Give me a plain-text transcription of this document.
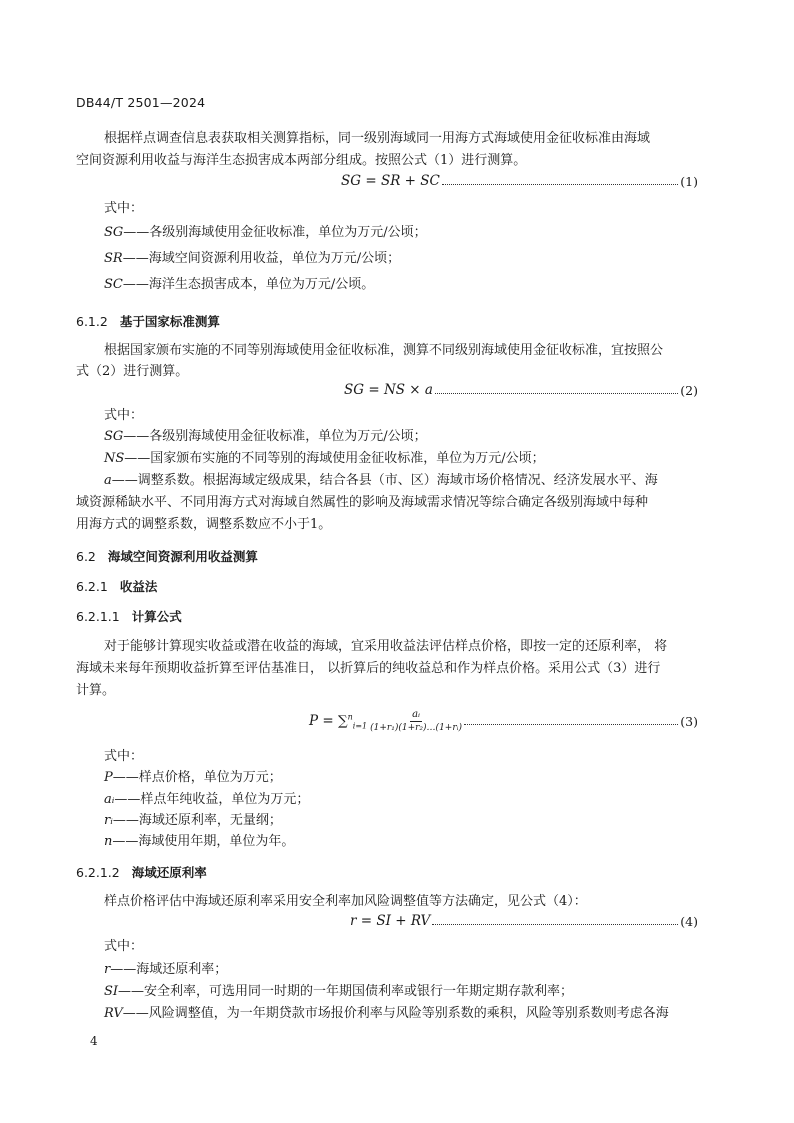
DB44/T 2501—2024
根据样点调查信息表获取相关测算指标，同一级别海域同一用海方式海域使用金征收标准由海域
空间资源利用收益与海洋生态损害成本两部分组成。按照公式（1）进行测算。
SG = SR + SC	(1)
式中：
SG——各级别海域使用金征收标准，单位为万元/公顷；
SR——海域空间资源利用收益，单位为万元/公顷；
SC——海洋生态损害成本，单位为万元/公顷。
6.1.2 基于国家标准测算
根据国家颁布实施的不同等别海域使用金征收标准，测算不同级别海域使用金征收标准，宜按照公
式（2）进行测算。
SG = NS × a	(2)
式中：
SG——各级别海域使用金征收标准，单位为万元/公顷；
NS——国家颁布实施的不同等别的海域使用金征收标准，单位为万元/公顷；
a——调整系数。根据海域定级成果，结合各县（市、区）海域市场价格情况、经济发展水平、海
域资源稀缺水平、不同用海方式对海域自然属性的影响及海域需求情况等综合确定各级别海域中每种
用海方式的调整系数，调整系数应不小于1。
6.2 海域空间资源利用收益测算
6.2.1 收益法
6.2.1.1 计算公式
对于能够计算现实收益或潜在收益的海域，宜采用收益法评估样点价格，即按一定的还原利率， 将
海域未来每年预期收益折算至评估基准日， 以折算后的纯收益总和作为样点价格。采用公式（3）进行
计算。
$P = \sum^n_{i=1} \frac{\text{aᵢ}}{\text{(1+r₁)(1+r₂)…(1+rᵢ)}}$	(3)
式中：
P——样点价格，单位为万元；
aᵢ——样点年纯收益，单位为万元；
rᵢ——海域还原利率，无量纲；
n——海域使用年期，单位为年。
6.2.1.2 海域还原利率
样点价格评估中海域还原利率采用安全利率加风险调整值等方法确定，见公式（4）：
r = SI + RV	(4)
式中：
r——海域还原利率；
SI——安全利率，可选用同一时期的一年期国债利率或银行一年期定期存款利率；
RV——风险调整值，为一年期贷款市场报价利率与风险等别系数的乘积，风险等别系数则考虑各海
4
